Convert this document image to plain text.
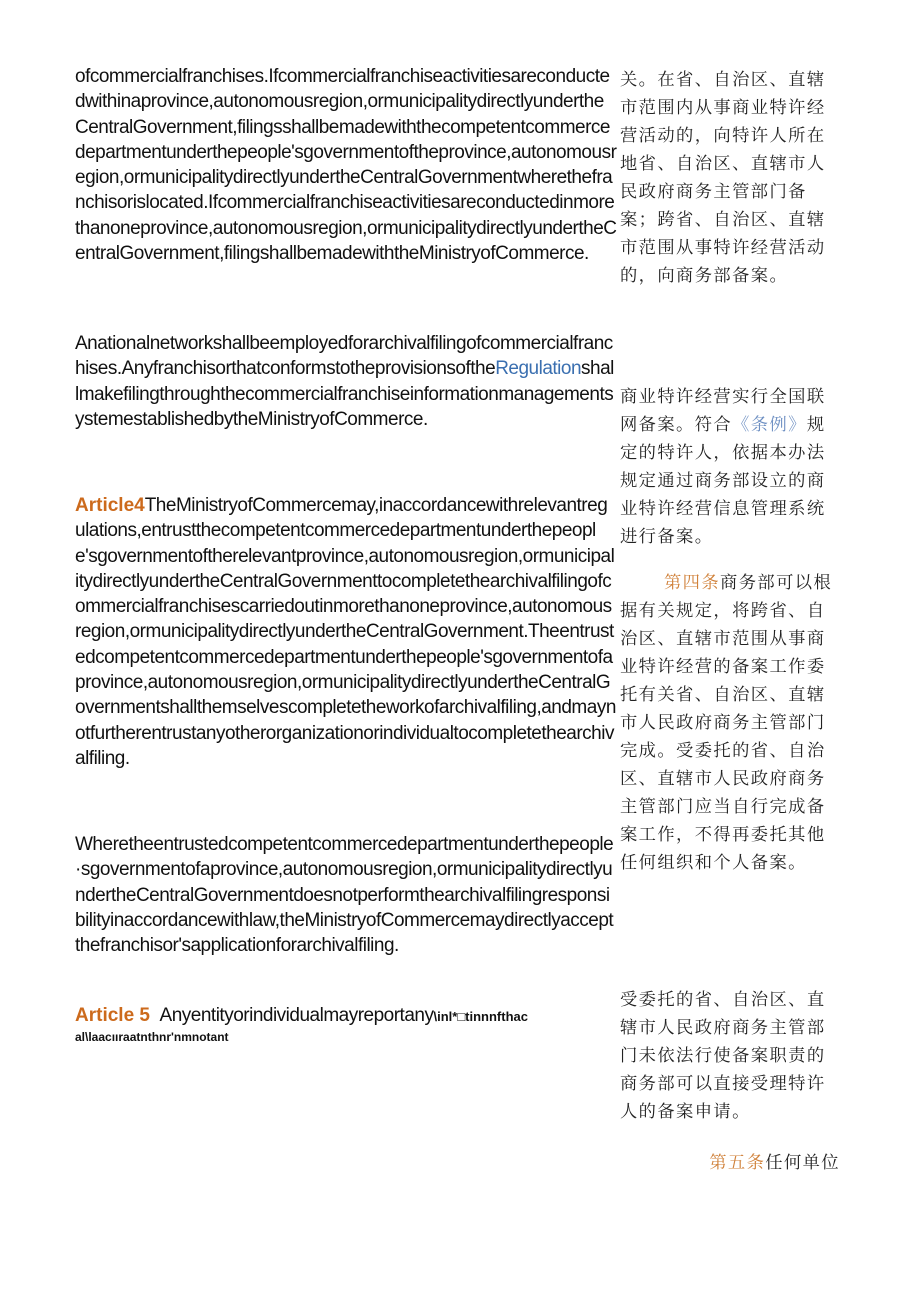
ofcommercialfranchises.Ifcommercialfranchiseactivitiesareconductedwithinaprovince,autonomousregion,ormunicipalitydirectlyundertheCentralGovernment,filingsshallbemadewiththecompetentcommercedepartmentunderthepeople'sgovernmentoftheprovince,autonomousregion,ormunicipalitydirectlyundertheCentralGovernmentwherethefranchisorislocated.Ifcommercialfranchiseactivitiesareconductedinmorethanoneprovince,autonomousregion,ormunicipalitydirectlyundertheCentralGovernment,filingshallbemadewiththeMinistryofCommerce.

Anationalnetworkshallbeemployedforarchivalfilingofcommercialfranchises.AnyfranchisorthatconformstotheprovisionsoftheRegulationshallmakefilingthroughthecommercialfranchiseinformationmanagementsystemestablishedbytheMinistryofCommerce.

Article4TheMinistryofCommercemay,inaccordancewithrelevantregulations,entrustthecompetentcommercedepartmentunderthepeople'sgovernmentoftherelevantprovince,autonomousregion,ormunicipalitydirectlyundertheCentralGovernmenttocompletethearchivalfilingofcommercialfranchisescarriedoutinmorethanoneprovince,autonomousregion,ormunicipalitydirectlyundertheCentralGovernment.Theentrustedcompetentcommercedepartmentunderthepeople'sgovernmentofaprovince,autonomousregion,ormunicipalitydirectlyundertheCentralGovernmentshallthemselvescompletetheworkofarchivalfiling,andmaynotfurtherentrustanyotherorganizationorindividualtocompletethearchivalfiling.

Wheretheentrustedcompetentcommercedepartmentunderthepeople·sgovernmentofaprovince,autonomousregion,ormunicipalitydirectlyundertheCentralGovernmentdoesnotperformthearchivalfilingresponsibilityinaccordancewithlaw,theMinistryofCommercemaydirectlyacceptthefranchisor'sapplicationforarchivalfiling.

Article 5 Anyentityorindividualmayreportany\inl*□tinnnfthac
al\laacııraatnthnr'nmnotant

关。在省、自治区、直辖市范围内从事商业特许经营活动的，向特许人所在地省、自治区、直辖市人民政府商务主管部门备案；跨省、自治区、直辖市范围从事特许经营活动的，向商务部备案。

商业特许经营实行全国联网备案。符合《条例》规定的特许人，依据本办法规定通过商务部设立的商业特许经营信息管理系统进行备案。

第四条商务部可以根据有关规定，将跨省、自治区、直辖市范围从事商业特许经营的备案工作委托有关省、自治区、直辖市人民政府商务主管部门完成。受委托的省、自治区、直辖市人民政府商务主管部门应当自行完成备案工作，不得再委托其他任何组织和个人备案。

受委托的省、自治区、直辖市人民政府商务主管部门未依法行使备案职责的商务部可以直接受理特许人的备案申请。

第五条任何单位
